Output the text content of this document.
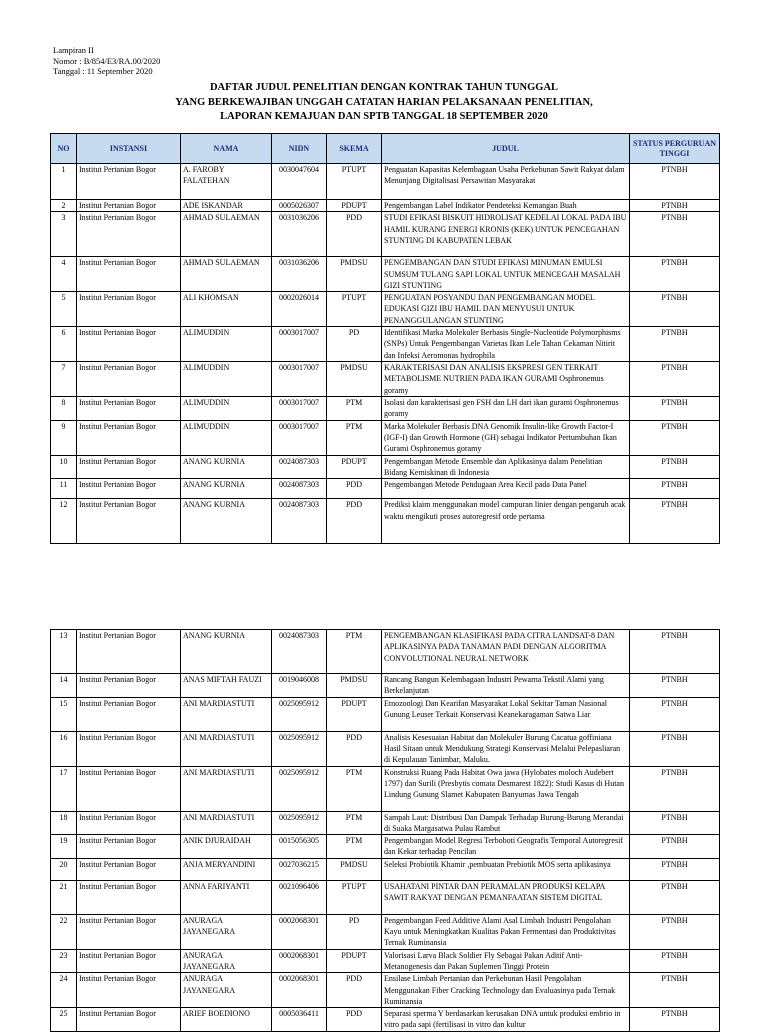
Lampiran II
Nomor : B/854/E3/RA.00/2020
Tanggal : 11 September 2020
DAFTAR JUDUL PENELITIAN DENGAN KONTRAK TAHUN TUNGGAL
YANG BERKEWAJIBAN UNGGAH CATATAN HARIAN PELAKSANAAN PENELITIAN,
LAPORAN KEMAJUAN DAN SPTB TANGGAL 18 SEPTEMBER 2020
NO	INSTANSI	NAMA	NIDN	SKEMA	JUDUL	STATUS PERGURUAN TINGGI
1	Institut Pertanian Bogor	A. FAROBY FALATEHAN	0030047604	PTUPT	Penguatan Kapasitas Kelembagaan Usaha Perkebunan Sawit Rakyat dalam Menunjang Digitalisasi Persawitan Masyarakat	PTNBH
2	Institut Pertanian Bogor	ADE ISKANDAR	0005026307	PDUPT	Pengembangan Label Indikator Pendeteksi Kemangan Buah	PTNBH
3	Institut Pertanian Bogor	AHMAD SULAEMAN	0031036206	PDD	STUDI EFIKASI BISKUIT HIDROLISAT KEDELAI LOKAL PADA IBU HAMIL KURANG ENERGI KRONIS (KEK) UNTUK PENCEGAHAN STUNTING DI KABUPATEN LEBAK	PTNBH
4	Institut Pertanian Bogor	AHMAD SULAEMAN	0031036206	PMDSU	PENGEMBANGAN DAN STUDI EFIKASI MINUMAN EMULSI SUMSUM TULANG SAPI LOKAL UNTUK MENCEGAH MASALAH GIZI STUNTING	PTNBH
5	Institut Pertanian Bogor	ALI KHOMSAN	0002026014	PTUPT	PENGUATAN POSYANDU DAN PENGEMBANGAN MODEL EDUKASI GIZI IBU HAMIL DAN MENYUSUI UNTUK PENANGGULANGAN STUNTING	PTNBH
6	Institut Pertanian Bogor	ALIMUDDIN	0003017007	PD	Identifikasi Marka Molekuler Berbasis Single-Nucleotide Polymorphisms (SNPs) Untuk Pengembangan Varietas Ikan Lele Tahan Cekaman Nitirit dan Infeksi Aeromonas hydrophila	PTNBH
7	Institut Pertanian Bogor	ALIMUDDIN	0003017007	PMDSU	KARAKTERISASI DAN ANALISIS EKSPRESI GEN TERKAIT METABOLISME NUTRIEN PADA IKAN GURAMI Osphronemus goramy	PTNBH
8	Institut Pertanian Bogor	ALIMUDDIN	0003017007	PTM	Isolasi dan karakterisasi gen FSH dan LH dari ikan gurami Osphronemus goramy	PTNBH
9	Institut Pertanian Bogor	ALIMUDDIN	0003017007	PTM	Marka Molekuler Berbasis DNA Genomik Insulin-like Growth Factor-I (IGF-I) dan Growth Hormone (GH) sebagai Indikator Pertumbuhan Ikan Gurami Osphronemus goramy	PTNBH
10	Institut Pertanian Bogor	ANANG KURNIA	0024087303	PDUPT	Pengembangan Metode Ensemble dan Aplikasinya dalam Penelitian Bidang Kemiskinan di Indonesia	PTNBH
11	Institut Pertanian Bogor	ANANG KURNIA	0024087303	PDD	Pengembangan Metode Pendugaan Area Kecil pada Data Panel	PTNBH
12	Institut Pertanian Bogor	ANANG KURNIA	0024087303	PDD	Prediksi klaim menggunakan model campuran linier dengan pengaruh acak waktu mengikuti proses autoregresif orde pertama	PTNBH
13	Institut Pertanian Bogor	ANANG KURNIA	0024087303	PTM	PENGEMBANGAN KLASIFIKASI PADA CITRA LANDSAT-8 DAN APLIKASINYA PADA TANAMAN PADI DENGAN ALGORITMA CONVOLUTIONAL NEURAL NETWORK	PTNBH
14	Institut Pertanian Bogor	ANAS MIFTAH FAUZI	0019046008	PMDSU	Rancang Bangun Kelembagaan Industri Pewarna Tekstil Alami yang Berkelanjutan	PTNBH
15	Institut Pertanian Bogor	ANI MARDIASTUTI	0025095912	PDUPT	Etnozoologi Dan Kearifan Masyarakat Lokal Sekitar Taman Nasional Gunung Leuser Terkait Konservasi Keanekaragaman Satwa Liar	PTNBH
16	Institut Pertanian Bogor	ANI MARDIASTUTI	0025095912	PDD	Analisis Kesesuaian Habitat dan Molekuler Burung Cacatua goffiniana Hasil Sitaan untuk Mendukung Strategi Konservasi Melalui Pelepasliaran di Kepulauan Tanimbar, Maluku.	PTNBH
17	Institut Pertanian Bogor	ANI MARDIASTUTI	0025095912	PTM	Konstruksi Ruang Pada Habitat Owa jawa (Hylobates moloch Audebert 1797) dan Surili (Presbytis comata Desmarest 1822): Studi Kasus di Hutan Lindung Gunung Slamet Kabupaten Banyumas Jawa Tengah	PTNBH
18	Institut Pertanian Bogor	ANI MARDIASTUTI	0025095912	PTM	Sampah Laut: Distribusi Dan Dampak Terhadap Burung-Burung Merandai di Suaka Margasatwa Pulau Rambut	PTNBH
19	Institut Pertanian Bogor	ANIK DJURAIDAH	0015056305	PTM	Pengembangan Model Regresi Terboboti Geografis Temporal Autoregresif dan Kekar terhadap Pencilan	PTNBH
20	Institut Pertanian Bogor	ANJA MERYANDINI	0027036215	PMDSU	Seleksi Probiotik Khamir ,pembuatan Prebiotik MOS serta aplikasinya	PTNBH
21	Institut Pertanian Bogor	ANNA FARIYANTI	0021096406	PTUPT	USAHATANI PINTAR DAN PERAMALAN PRODUKSI KELAPA SAWIT RAKYAT DENGAN PEMANFAATAN SISTEM DIGITAL	PTNBH
22	Institut Pertanian Bogor	ANURAGA JAYANEGARA	0002068301	PD	Pengembangan Feed Additive Alami Asal Limbah Industri Pengolahan Kayu untuk Meningkatkan Kualitas Pakan Fermentasi dan Produktivitas Ternak Ruminansia	PTNBH
23	Institut Pertanian Bogor	ANURAGA JAYANEGARA	0002068301	PDUPT	Valorisasi Larva Black Soldier Fly Sebagai Pakan Aditif Anti-Metanogenesis dan Pakan Suplemen Tinggi Protein	PTNBH
24	Institut Pertanian Bogor	ANURAGA JAYANEGARA	0002068301	PDD	Ensilase Limbah Pertanian dan Perkebunan Hasil Pengolahan Menggunakan Fiber Cracking Technology dan Evaluasinya pada Ternak Ruminansia	PTNBH
25	Institut Pertanian Bogor	ARIEF BOEDIONO	0005036411	PDD	Separasi sperma Y berdasarkan kerusakan DNA untuk produksi embrio in vitro pada sapi (fertilisasi in vitro dan kultur	PTNBH
